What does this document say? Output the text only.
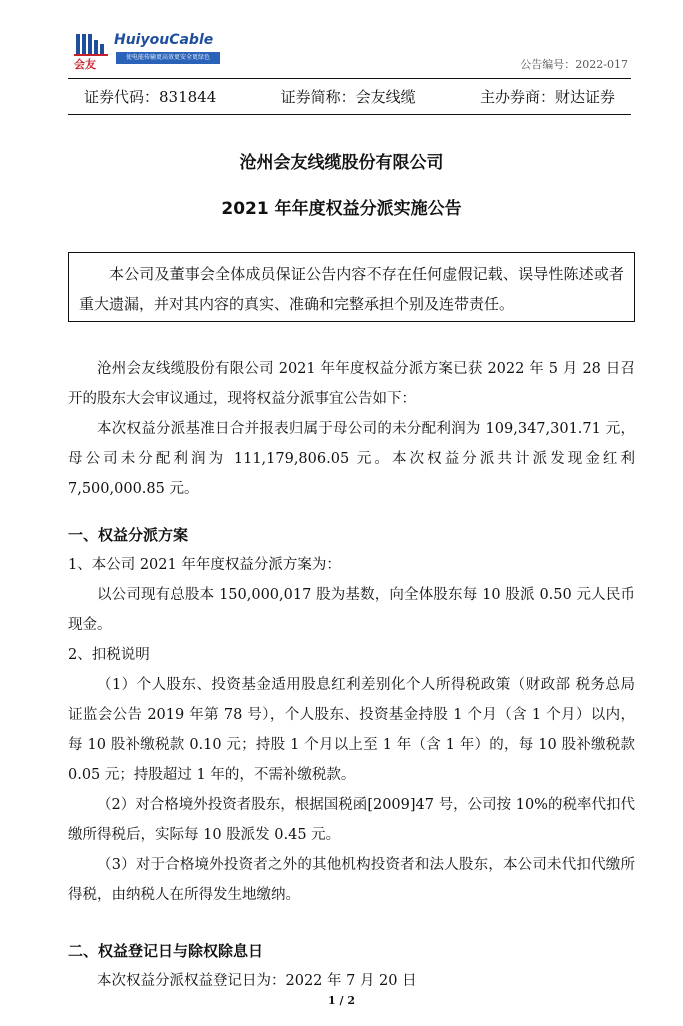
HuiyouCable
使电能传输更高效更安全更绿色
会友	公告编号：2022-017
证券代码：831844	证券简称：会友线缆	主办券商：财达证券
沧州会友线缆股份有限公司
2021 年年度权益分派实施公告

本公司及董事会全体成员保证公告内容不存在任何虚假记载、误导性陈述或者重大遗漏，并对其内容的真实、准确和完整承担个别及连带责任。

沧州会友线缆股份有限公司 2021 年年度权益分派方案已获 2022 年 5 月 28 日召开的股东大会审议通过，现将权益分派事宜公告如下：

本次权益分派基准日合并报表归属于母公司的未分配利润为 109,347,301.71 元，母公司未分配利润为 111,179,806.05 元。本次权益分派共计派发现金红利 7,500,000.85 元。

一、权益分派方案

1、本公司 2021 年年度权益分派方案为：

以公司现有总股本 150,000,017 股为基数，向全体股东每 10 股派 0.50 元人民币现金。

2、扣税说明

（1）个人股东、投资基金适用股息红利差别化个人所得税政策（财政部 税务总局 证监会公告 2019 年第 78 号），个人股东、投资基金持股 1 个月（含 1 个月）以内，每 10 股补缴税款 0.10 元；持股 1 个月以上至 1 年（含 1 年）的，每 10 股补缴税款 0.05 元；持股超过 1 年的，不需补缴税款。

（2）对合格境外投资者股东，根据国税函[2009]47 号，公司按 10%的税率代扣代缴所得税后，实际每 10 股派发 0.45 元。

（3）对于合格境外投资者之外的其他机构投资者和法人股东，本公司未代扣代缴所得税，由纳税人在所得发生地缴纳。

二、权益登记日与除权除息日

本次权益分派权益登记日为：2022 年 7 月 20 日

1 / 2
